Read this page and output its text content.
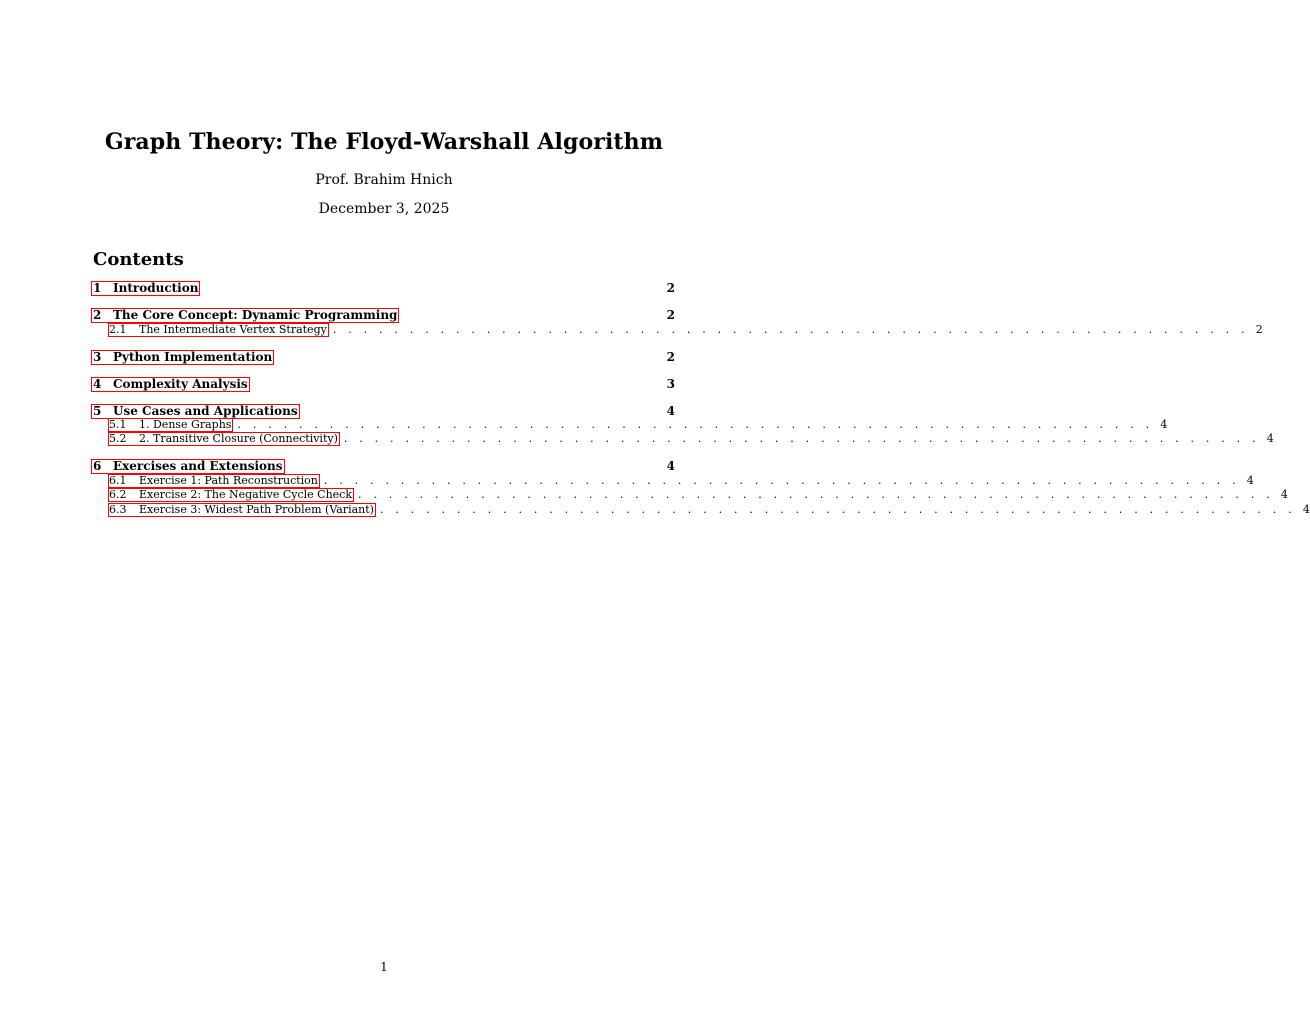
Graph Theory: The Floyd-Warshall Algorithm
Prof. Brahim Hnich
December 3, 2025
Contents
1 Introduction	2
2 The Core Concept: Dynamic Programming	2
2.1 The Intermediate Vertex Strategy . . . . . . . . . . . . . . . . . . . . . . . . . . . . . . . . . . . . . . . . . . . . . . . . . . . . . . . . . . . . 2
3 Python Implementation	2
4 Complexity Analysis	3
5 Use Cases and Applications	4
5.1 1. Dense Graphs . . . . . . . . . . . . . . . . . . . . . . . . . . . . . . . . . . . . . . . . . . . . . . . . . . . . . . . . . . . . 4
5.2 2. Transitive Closure (Connectivity) . . . . . . . . . . . . . . . . . . . . . . . . . . . . . . . . . . . . . . . . . . . . . . . . . . . . . . . . . . . . 4
6 Exercises and Extensions	4
6.1 Exercise 1: Path Reconstruction . . . . . . . . . . . . . . . . . . . . . . . . . . . . . . . . . . . . . . . . . . . . . . . . . . . . . . . . . . . . 4
6.2 Exercise 2: The Negative Cycle Check . . . . . . . . . . . . . . . . . . . . . . . . . . . . . . . . . . . . . . . . . . . . . . . . . . . . . . . . . . . . 4
6.3 Exercise 3: Widest Path Problem (Variant) . . . . . . . . . . . . . . . . . . . . . . . . . . . . . . . . . . . . . . . . . . . . . . . . . . . . . . . . . . . . 4
1
